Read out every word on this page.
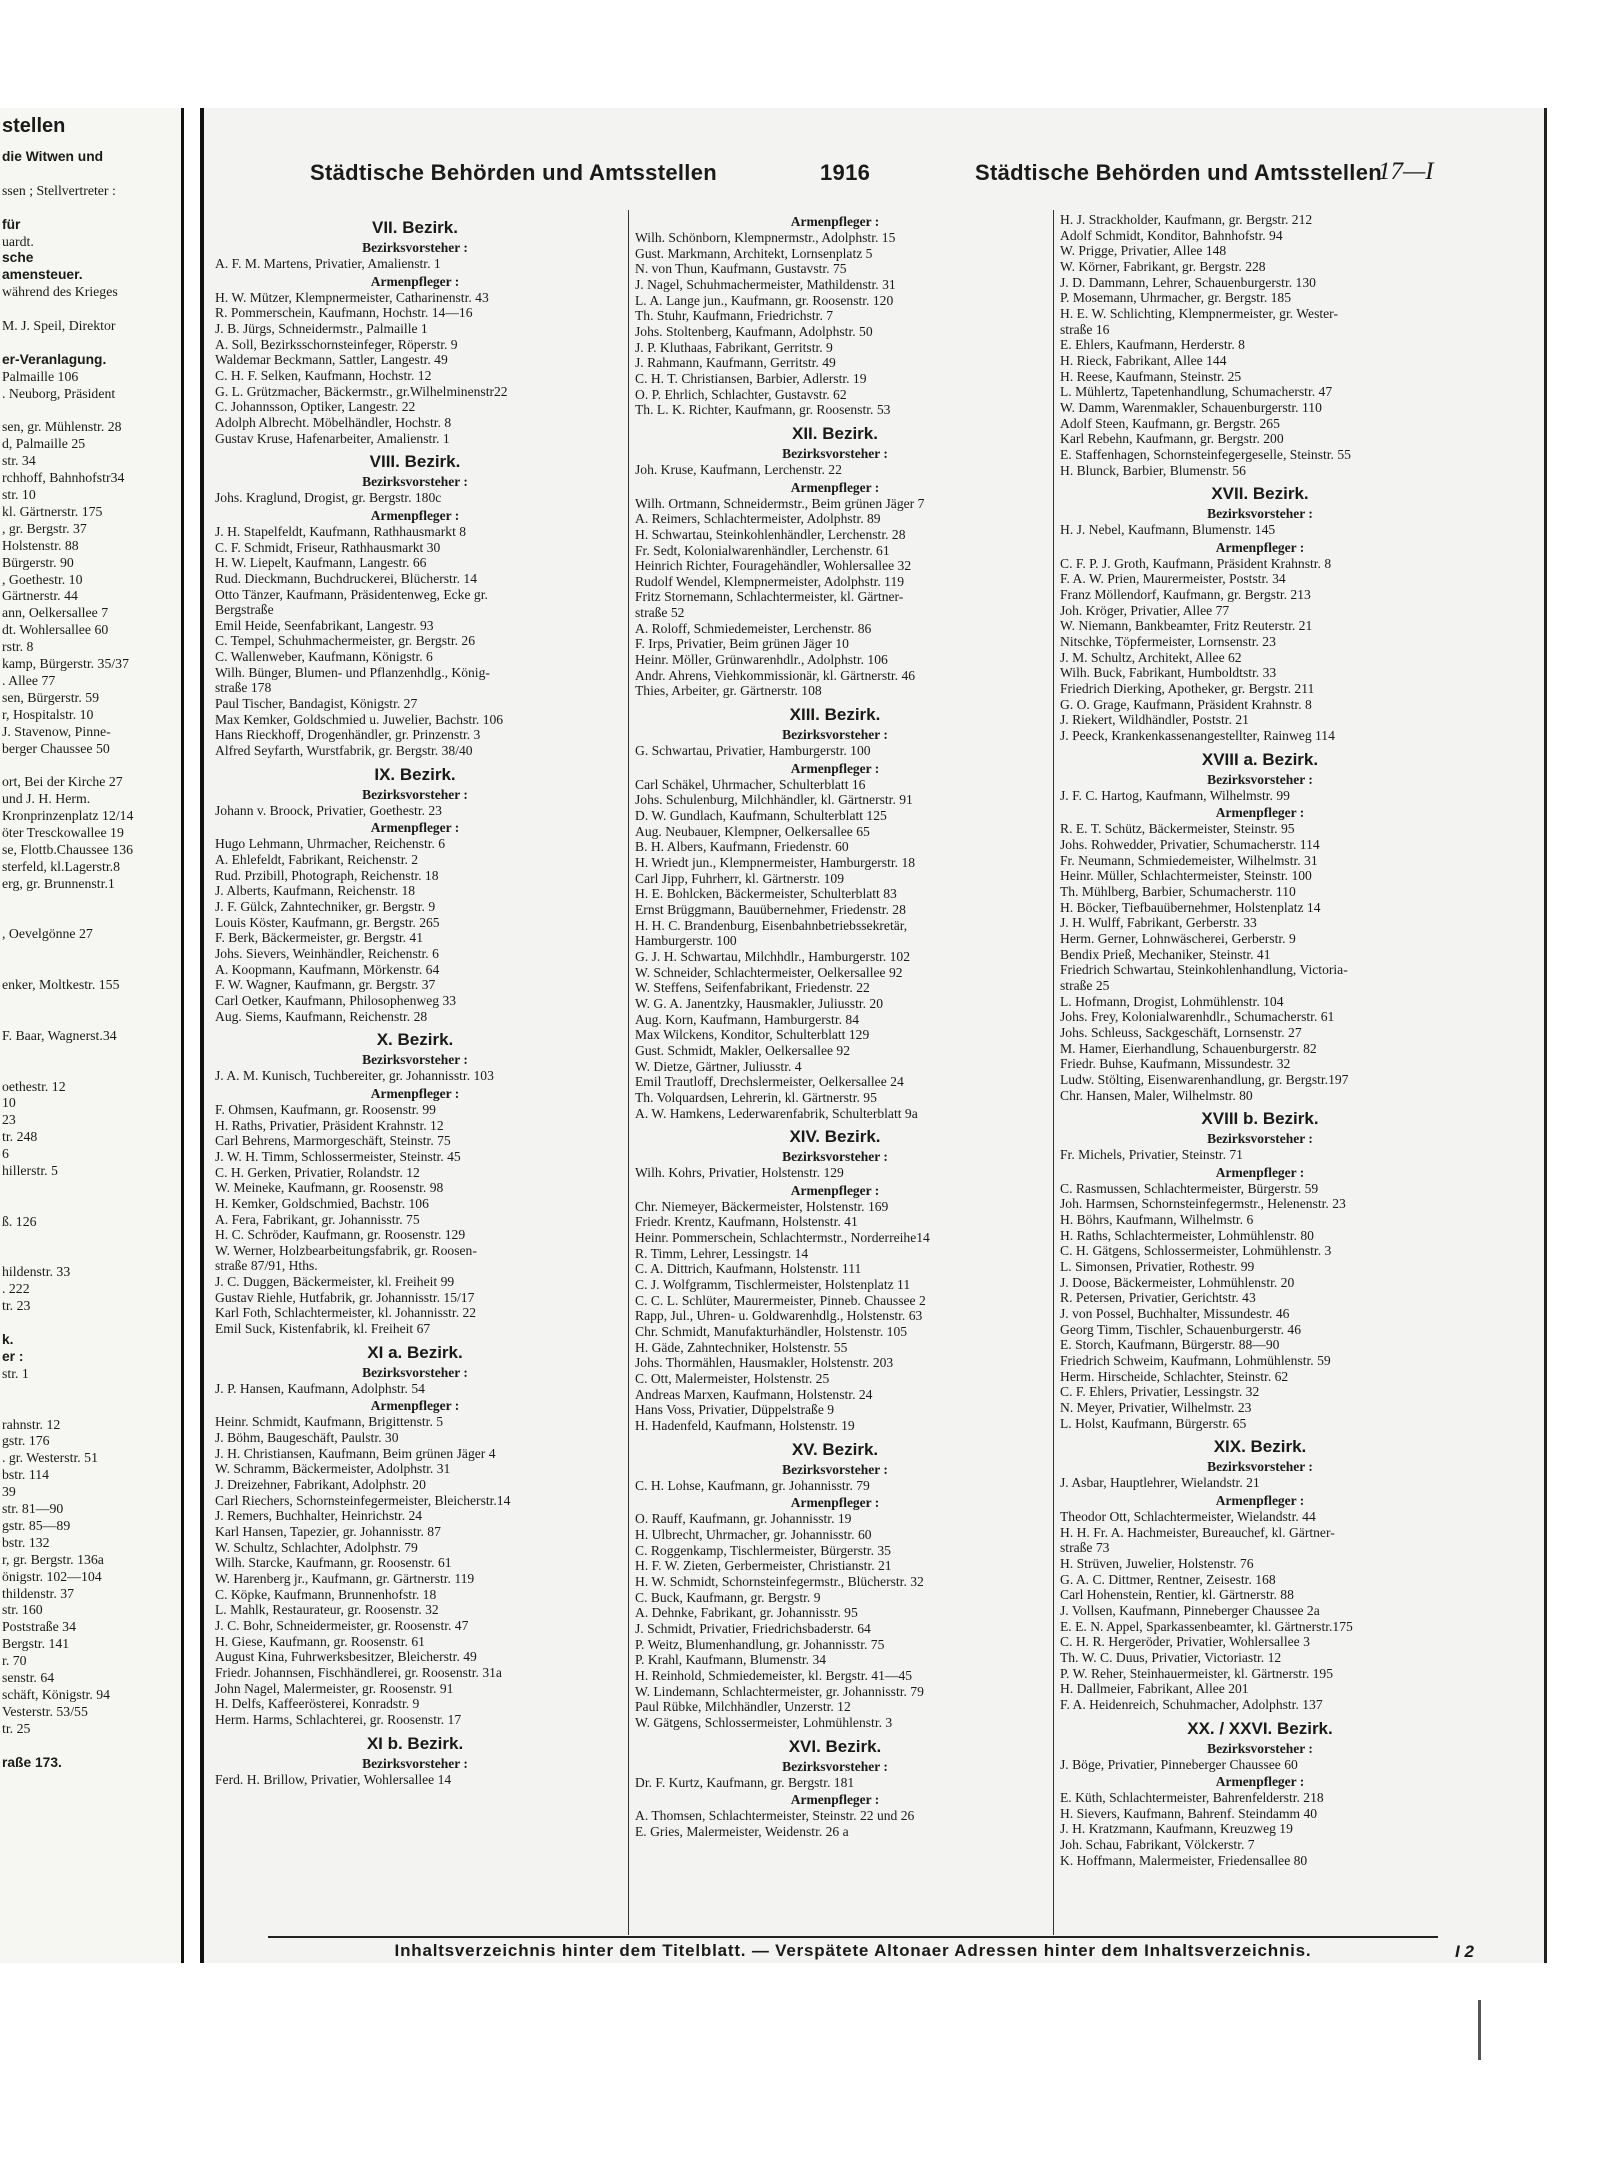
stellen
die Witwen und
ssen ; Stellvertreter :
für
uardt.
sche
amensteuer.
während des Krieges
M. J. Speil, Direktor
er-Veranlagung.
Palmaille 106
. Neuborg, Präsident
sen, gr. Mühlenstr. 28
d, Palmaille 25
str. 34
rchhoff, Bahnhofstr34
str. 10
kl. Gärtnerstr. 175
, gr. Bergstr. 37
Holstenstr. 88
Bürgerstr. 90
, Goethestr. 10
Gärtnerstr. 44
ann, Oelkersallee 7
dt. Wohlersallee 60
rstr. 8
kamp, Bürgerstr. 35/37
. Allee 77
sen, Bürgerstr. 59
r, Hospitalstr. 10
J. Stavenow, Pinne-
berger Chaussee 50
ort, Bei der Kirche 27
und J. H. Herm.
Kronprinzenplatz 12/14
öter Tresckowallee 19
se, Flottb.Chaussee 136
sterfeld, kl.Lagerstr.8
erg, gr. Brunnenstr.1
, Oevelgönne 27
enker, Moltkestr. 155
F. Baar, Wagnerst.34
oethestr. 12
10
23
tr. 248
6
hillerstr. 5
ß. 126
hildenstr. 33
. 222
tr. 23
k.
er :
str. 1
rahnstr. 12
gstr. 176
. gr. Westerstr. 51
bstr. 114
39
str. 81—90
gstr. 85—89
bstr. 132
r, gr. Bergstr. 136a
önigstr. 102—104
thildenstr. 37
str. 160
Poststraße 34
Bergstr. 141
r. 70
senstr. 64
schäft, Königstr. 94
Vesterstr. 53/55
tr. 25
raße 173.
Städtische Behörden und Amtsstellen	1916	Städtische Behörden und Amtsstellen
17—I
VII. Bezirk.
Bezirksvorsteher :
A. F. M. Martens, Privatier, Amalienstr. 1
Armenpfleger :
H. W. Mützer, Klempnermeister, Catharinenstr. 43
R. Pommerschein, Kaufmann, Hochstr. 14—16
J. B. Jürgs, Schneidermstr., Palmaille 1
A. Soll, Bezirksschornsteinfeger, Röperstr. 9
Waldemar Beckmann, Sattler, Langestr. 49
C. H. F. Selken, Kaufmann, Hochstr. 12
G. L. Grützmacher, Bäckermstr., gr.Wilhelminenstr22
C. Johannsson, Optiker, Langestr. 22
Adolph Albrecht. Möbelhändler, Hochstr. 8
Gustav Kruse, Hafenarbeiter, Amalienstr. 1
VIII. Bezirk.
Bezirksvorsteher :
Johs. Kraglund, Drogist, gr. Bergstr. 180c
Armenpfleger :
J. H. Stapelfeldt, Kaufmann, Rathhausmarkt 8
C. F. Schmidt, Friseur, Rathhausmarkt 30
H. W. Liepelt, Kaufmann, Langestr. 66
Rud. Dieckmann, Buchdruckerei, Blücherstr. 14
Otto Tänzer, Kaufmann, Präsidentenweg, Ecke gr.
Bergstraße
Emil Heide, Seenfabrikant, Langestr. 93
C. Tempel, Schuhmachermeister, gr. Bergstr. 26
C. Wallenweber, Kaufmann, Königstr. 6
Wilh. Bünger, Blumen- und Pflanzenhdlg., König-
straße 178
Paul Tischer, Bandagist, Königstr. 27
Max Kemker, Goldschmied u. Juwelier, Bachstr. 106
Hans Rieckhoff, Drogenhändler, gr. Prinzenstr. 3
Alfred Seyfarth, Wurstfabrik, gr. Bergstr. 38/40
IX. Bezirk.
Bezirksvorsteher :
Johann v. Broock, Privatier, Goethestr. 23
Armenpfleger :
Hugo Lehmann, Uhrmacher, Reichenstr. 6
A. Ehlefeldt, Fabrikant, Reichenstr. 2
Rud. Przibill, Photograph, Reichenstr. 18
J. Alberts, Kaufmann, Reichenstr. 18
J. F. Gülck, Zahntechniker, gr. Bergstr. 9
Louis Köster, Kaufmann, gr. Bergstr. 265
F. Berk, Bäckermeister, gr. Bergstr. 41
Johs. Sievers, Weinhändler, Reichenstr. 6
A. Koopmann, Kaufmann, Mörkenstr. 64
F. W. Wagner, Kaufmann, gr. Bergstr. 37
Carl Oetker, Kaufmann, Philosophenweg 33
Aug. Siems, Kaufmann, Reichenstr. 28
X. Bezirk.
Bezirksvorsteher :
J. A. M. Kunisch, Tuchbereiter, gr. Johannisstr. 103
Armenpfleger :
F. Ohmsen, Kaufmann, gr. Roosenstr. 99
H. Raths, Privatier, Präsident Krahnstr. 12
Carl Behrens, Marmorgeschäft, Steinstr. 75
J. W. H. Timm, Schlossermeister, Steinstr. 45
C. H. Gerken, Privatier, Rolandstr. 12
W. Meineke, Kaufmann, gr. Roosenstr. 98
H. Kemker, Goldschmied, Bachstr. 106
A. Fera, Fabrikant, gr. Johannisstr. 75
H. C. Schröder, Kaufmann, gr. Roosenstr. 129
W. Werner, Holzbearbeitungsfabrik, gr. Roosen-
straße 87/91, Hths.
J. C. Duggen, Bäckermeister, kl. Freiheit 99
Gustav Riehle, Hutfabrik, gr. Johannisstr. 15/17
Karl Foth, Schlachtermeister, kl. Johannisstr. 22
Emil Suck, Kistenfabrik, kl. Freiheit 67
XI a. Bezirk.
Bezirksvorsteher :
J. P. Hansen, Kaufmann, Adolphstr. 54
Armenpfleger :
Heinr. Schmidt, Kaufmann, Brigittenstr. 5
J. Böhm, Baugeschäft, Paulstr. 30
J. H. Christiansen, Kaufmann, Beim grünen Jäger 4
W. Schramm, Bäckermeister, Adolphstr. 31
J. Dreizehner, Fabrikant, Adolphstr. 20
Carl Riechers, Schornsteinfegermeister, Bleicherstr.14
J. Remers, Buchhalter, Heinrichstr. 24
Karl Hansen, Tapezier, gr. Johannisstr. 87
W. Schultz, Schlachter, Adolphstr. 79
Wilh. Starcke, Kaufmann, gr. Roosenstr. 61
W. Harenberg jr., Kaufmann, gr. Gärtnerstr. 119
C. Köpke, Kaufmann, Brunnenhofstr. 18
L. Mahlk, Restaurateur, gr. Roosenstr. 32
J. C. Bohr, Schneidermeister, gr. Roosenstr. 47
H. Giese, Kaufmann, gr. Roosenstr. 61
August Kina, Fuhrwerksbesitzer, Bleicherstr. 49
Friedr. Johannsen, Fischhändlerei, gr. Roosenstr. 31a
John Nagel, Malermeister, gr. Roosenstr. 91
H. Delfs, Kaffeerösterei, Konradstr. 9
Herm. Harms, Schlachterei, gr. Roosenstr. 17
XI b. Bezirk.
Bezirksvorsteher :
Ferd. H. Brillow, Privatier, Wohlersallee 14
Armenpfleger :
Wilh. Schönborn, Klempnermstr., Adolphstr. 15
Gust. Markmann, Architekt, Lornsenplatz 5
N. von Thun, Kaufmann, Gustavstr. 75
J. Nagel, Schuhmachermeister, Mathildenstr. 31
L. A. Lange jun., Kaufmann, gr. Roosenstr. 120
Th. Stuhr, Kaufmann, Friedrichstr. 7
Johs. Stoltenberg, Kaufmann, Adolphstr. 50
J. P. Kluthaas, Fabrikant, Gerritstr. 9
J. Rahmann, Kaufmann, Gerritstr. 49
C. H. T. Christiansen, Barbier, Adlerstr. 19
O. P. Ehrlich, Schlachter, Gustavstr. 62
Th. L. K. Richter, Kaufmann, gr. Roosenstr. 53
XII. Bezirk.
Bezirksvorsteher :
Joh. Kruse, Kaufmann, Lerchenstr. 22
Armenpfleger :
Wilh. Ortmann, Schneidermstr., Beim grünen Jäger 7
A. Reimers, Schlachtermeister, Adolphstr. 89
H. Schwartau, Steinkohlenhändler, Lerchenstr. 28
Fr. Sedt, Kolonialwarenhändler, Lerchenstr. 61
Heinrich Richter, Fouragehändler, Wohlersallee 32
Rudolf Wendel, Klempnermeister, Adolphstr. 119
Fritz Stornemann, Schlachtermeister, kl. Gärtner-
straße 52
A. Roloff, Schmiedemeister, Lerchenstr. 86
F. Irps, Privatier, Beim grünen Jäger 10
Heinr. Möller, Grünwarenhdlr., Adolphstr. 106
Andr. Ahrens, Viehkommissionär, kl. Gärtnerstr. 46
Thies, Arbeiter, gr. Gärtnerstr. 108
XIII. Bezirk.
Bezirksvorsteher :
G. Schwartau, Privatier, Hamburgerstr. 100
Armenpfleger :
Carl Schäkel, Uhrmacher, Schulterblatt 16
Johs. Schulenburg, Milchhändler, kl. Gärtnerstr. 91
D. W. Gundlach, Kaufmann, Schulterblatt 125
Aug. Neubauer, Klempner, Oelkersallee 65
B. H. Albers, Kaufmann, Friedenstr. 60
H. Wriedt jun., Klempnermeister, Hamburgerstr. 18
Carl Jipp, Fuhrherr, kl. Gärtnerstr. 109
H. E. Bohlcken, Bäckermeister, Schulterblatt 83
Ernst Brüggmann, Bauübernehmer, Friedenstr. 28
H. H. C. Brandenburg, Eisenbahnbetriebssekretär,
Hamburgerstr. 100
G. J. H. Schwartau, Milchhdlr., Hamburgerstr. 102
W. Schneider, Schlachtermeister, Oelkersallee 92
W. Steffens, Seifenfabrikant, Friedenstr. 22
W. G. A. Janentzky, Hausmakler, Juliusstr. 20
Aug. Korn, Kaufmann, Hamburgerstr. 84
Max Wilckens, Konditor, Schulterblatt 129
Gust. Schmidt, Makler, Oelkersallee 92
W. Dietze, Gärtner, Juliusstr. 4
Emil Trautloff, Drechslermeister, Oelkersallee 24
Th. Volquardsen, Lehrerin, kl. Gärtnerstr. 95
A. W. Hamkens, Lederwarenfabrik, Schulterblatt 9a
XIV. Bezirk.
Bezirksvorsteher :
Wilh. Kohrs, Privatier, Holstenstr. 129
Armenpfleger :
Chr. Niemeyer, Bäckermeister, Holstenstr. 169
Friedr. Krentz, Kaufmann, Holstenstr. 41
Heinr. Pommerschein, Schlachtermstr., Norderreihe14
R. Timm, Lehrer, Lessingstr. 14
C. A. Dittrich, Kaufmann, Holstenstr. 111
C. J. Wolfgramm, Tischlermeister, Holstenplatz 11
C. C. L. Schlüter, Maurermeister, Pinneb. Chaussee 2
Rapp, Jul., Uhren- u. Goldwarenhdlg., Holstenstr. 63
Chr. Schmidt, Manufakturhändler, Holstenstr. 105
H. Gäde, Zahntechniker, Holstenstr. 55
Johs. Thormählen, Hausmakler, Holstenstr. 203
C. Ott, Malermeister, Holstenstr. 25
Andreas Marxen, Kaufmann, Holstenstr. 24
Hans Voss, Privatier, Düppelstraße 9
H. Hadenfeld, Kaufmann, Holstenstr. 19
XV. Bezirk.
Bezirksvorsteher :
C. H. Lohse, Kaufmann, gr. Johannisstr. 79
Armenpfleger :
O. Rauff, Kaufmann, gr. Johannisstr. 19
H. Ulbrecht, Uhrmacher, gr. Johannisstr. 60
C. Roggenkamp, Tischlermeister, Bürgerstr. 35
H. F. W. Zieten, Gerbermeister, Christianstr. 21
H. W. Schmidt, Schornsteinfegermstr., Blücherstr. 32
C. Buck, Kaufmann, gr. Bergstr. 9
A. Dehnke, Fabrikant, gr. Johannisstr. 95
J. Schmidt, Privatier, Friedrichsbaderstr. 64
P. Weitz, Blumenhandlung, gr. Johannisstr. 75
P. Krahl, Kaufmann, Blumenstr. 34
H. Reinhold, Schmiedemeister, kl. Bergstr. 41—45
W. Lindemann, Schlachtermeister, gr. Johannisstr. 79
Paul Rübke, Milchhändler, Unzerstr. 12
W. Gätgens, Schlossermeister, Lohmühlenstr. 3
XVI. Bezirk.
Bezirksvorsteher :
Dr. F. Kurtz, Kaufmann, gr. Bergstr. 181
Armenpfleger :
A. Thomsen, Schlachtermeister, Steinstr. 22 und 26
E. Gries, Malermeister, Weidenstr. 26 a
H. J. Strackholder, Kaufmann, gr. Bergstr. 212
Adolf Schmidt, Konditor, Bahnhofstr. 94
W. Prigge, Privatier, Allee 148
W. Körner, Fabrikant, gr. Bergstr. 228
J. D. Dammann, Lehrer, Schauenburgerstr. 130
P. Mosemann, Uhrmacher, gr. Bergstr. 185
H. E. W. Schlichting, Klempnermeister, gr. Wester-
straße 16
E. Ehlers, Kaufmann, Herderstr. 8
H. Rieck, Fabrikant, Allee 144
H. Reese, Kaufmann, Steinstr. 25
L. Mühlertz, Tapetenhandlung, Schumacherstr. 47
W. Damm, Warenmakler, Schauenburgerstr. 110
Adolf Steen, Kaufmann, gr. Bergstr. 265
Karl Rebehn, Kaufmann, gr. Bergstr. 200
E. Staffenhagen, Schornsteinfegergeselle, Steinstr. 55
H. Blunck, Barbier, Blumenstr. 56
XVII. Bezirk.
Bezirksvorsteher :
H. J. Nebel, Kaufmann, Blumenstr. 145
Armenpfleger :
C. F. P. J. Groth, Kaufmann, Präsident Krahnstr. 8
F. A. W. Prien, Maurermeister, Poststr. 34
Franz Möllendorf, Kaufmann, gr. Bergstr. 213
Joh. Kröger, Privatier, Allee 77
W. Niemann, Bankbeamter, Fritz Reuterstr. 21
Nitschke, Töpfermeister, Lornsenstr. 23
J. M. Schultz, Architekt, Allee 62
Wilh. Buck, Fabrikant, Humboldtstr. 33
Friedrich Dierking, Apotheker, gr. Bergstr. 211
G. O. Grage, Kaufmann, Präsident Krahnstr. 8
J. Riekert, Wildhändler, Poststr. 21
J. Peeck, Krankenkassenangestellter, Rainweg 114
XVIII a. Bezirk.
Bezirksvorsteher :
J. F. C. Hartog, Kaufmann, Wilhelmstr. 99
Armenpfleger :
R. E. T. Schütz, Bäckermeister, Steinstr. 95
Johs. Rohwedder, Privatier, Schumacherstr. 114
Fr. Neumann, Schmiedemeister, Wilhelmstr. 31
Heinr. Müller, Schlachtermeister, Steinstr. 100
Th. Mühlberg, Barbier, Schumacherstr. 110
H. Böcker, Tiefbauübernehmer, Holstenplatz 14
J. H. Wulff, Fabrikant, Gerberstr. 33
Herm. Gerner, Lohnwäscherei, Gerberstr. 9
Bendix Prieß, Mechaniker, Steinstr. 41
Friedrich Schwartau, Steinkohlenhandlung, Victoria-
straße 25
L. Hofmann, Drogist, Lohmühlenstr. 104
Johs. Frey, Kolonialwarenhdlr., Schumacherstr. 61
Johs. Schleuss, Sackgeschäft, Lornsenstr. 27
M. Hamer, Eierhandlung, Schauenburgerstr. 82
Friedr. Buhse, Kaufmann, Missundestr. 32
Ludw. Stölting, Eisenwarenhandlung, gr. Bergstr.197
Chr. Hansen, Maler, Wilhelmstr. 80
XVIII b. Bezirk.
Bezirksvorsteher :
Fr. Michels, Privatier, Steinstr. 71
Armenpfleger :
C. Rasmussen, Schlachtermeister, Bürgerstr. 59
Joh. Harmsen, Schornsteinfegermstr., Helenenstr. 23
H. Böhrs, Kaufmann, Wilhelmstr. 6
H. Raths, Schlachtermeister, Lohmühlenstr. 80
C. H. Gätgens, Schlossermeister, Lohmühlenstr. 3
L. Simonsen, Privatier, Rothestr. 99
J. Doose, Bäckermeister, Lohmühlenstr. 20
R. Petersen, Privatier, Gerichtstr. 43
J. von Possel, Buchhalter, Missundestr. 46
Georg Timm, Tischler, Schauenburgerstr. 46
E. Storch, Kaufmann, Bürgerstr. 88—90
Friedrich Schweim, Kaufmann, Lohmühlenstr. 59
Herm. Hirscheide, Schlachter, Steinstr. 62
C. F. Ehlers, Privatier, Lessingstr. 32
N. Meyer, Privatier, Wilhelmstr. 23
L. Holst, Kaufmann, Bürgerstr. 65
XIX. Bezirk.
Bezirksvorsteher :
J. Asbar, Hauptlehrer, Wielandstr. 21
Armenpfleger :
Theodor Ott, Schlachtermeister, Wielandstr. 44
H. H. Fr. A. Hachmeister, Bureauchef, kl. Gärtner-
straße 73
H. Strüven, Juwelier, Holstenstr. 76
G. A. C. Dittmer, Rentner, Zeisestr. 168
Carl Hohenstein, Rentier, kl. Gärtnerstr. 88
J. Vollsen, Kaufmann, Pinneberger Chaussee 2a
E. E. N. Appel, Sparkassenbeamter, kl. Gärtnerstr.175
C. H. R. Hergeröder, Privatier, Wohlersallee 3
Th. W. C. Duus, Privatier, Victoriastr. 12
P. W. Reher, Steinhauermeister, kl. Gärtnerstr. 195
H. Dallmeier, Fabrikant, Allee 201
F. A. Heidenreich, Schuhmacher, Adolphstr. 137
XX. / XXVI. Bezirk.
Bezirksvorsteher :
J. Böge, Privatier, Pinneberger Chaussee 60
Armenpfleger :
E. Küth, Schlachtermeister, Bahrenfelderstr. 218
H. Sievers, Kaufmann, Bahrenf. Steindamm 40
J. H. Kratzmann, Kaufmann, Kreuzweg 19
Joh. Schau, Fabrikant, Völckerstr. 7
K. Hoffmann, Malermeister, Friedensallee 80
Inhaltsverzeichnis hinter dem Titelblatt. — Verspätete Altonaer Adressen hinter dem Inhaltsverzeichnis.	I 2
